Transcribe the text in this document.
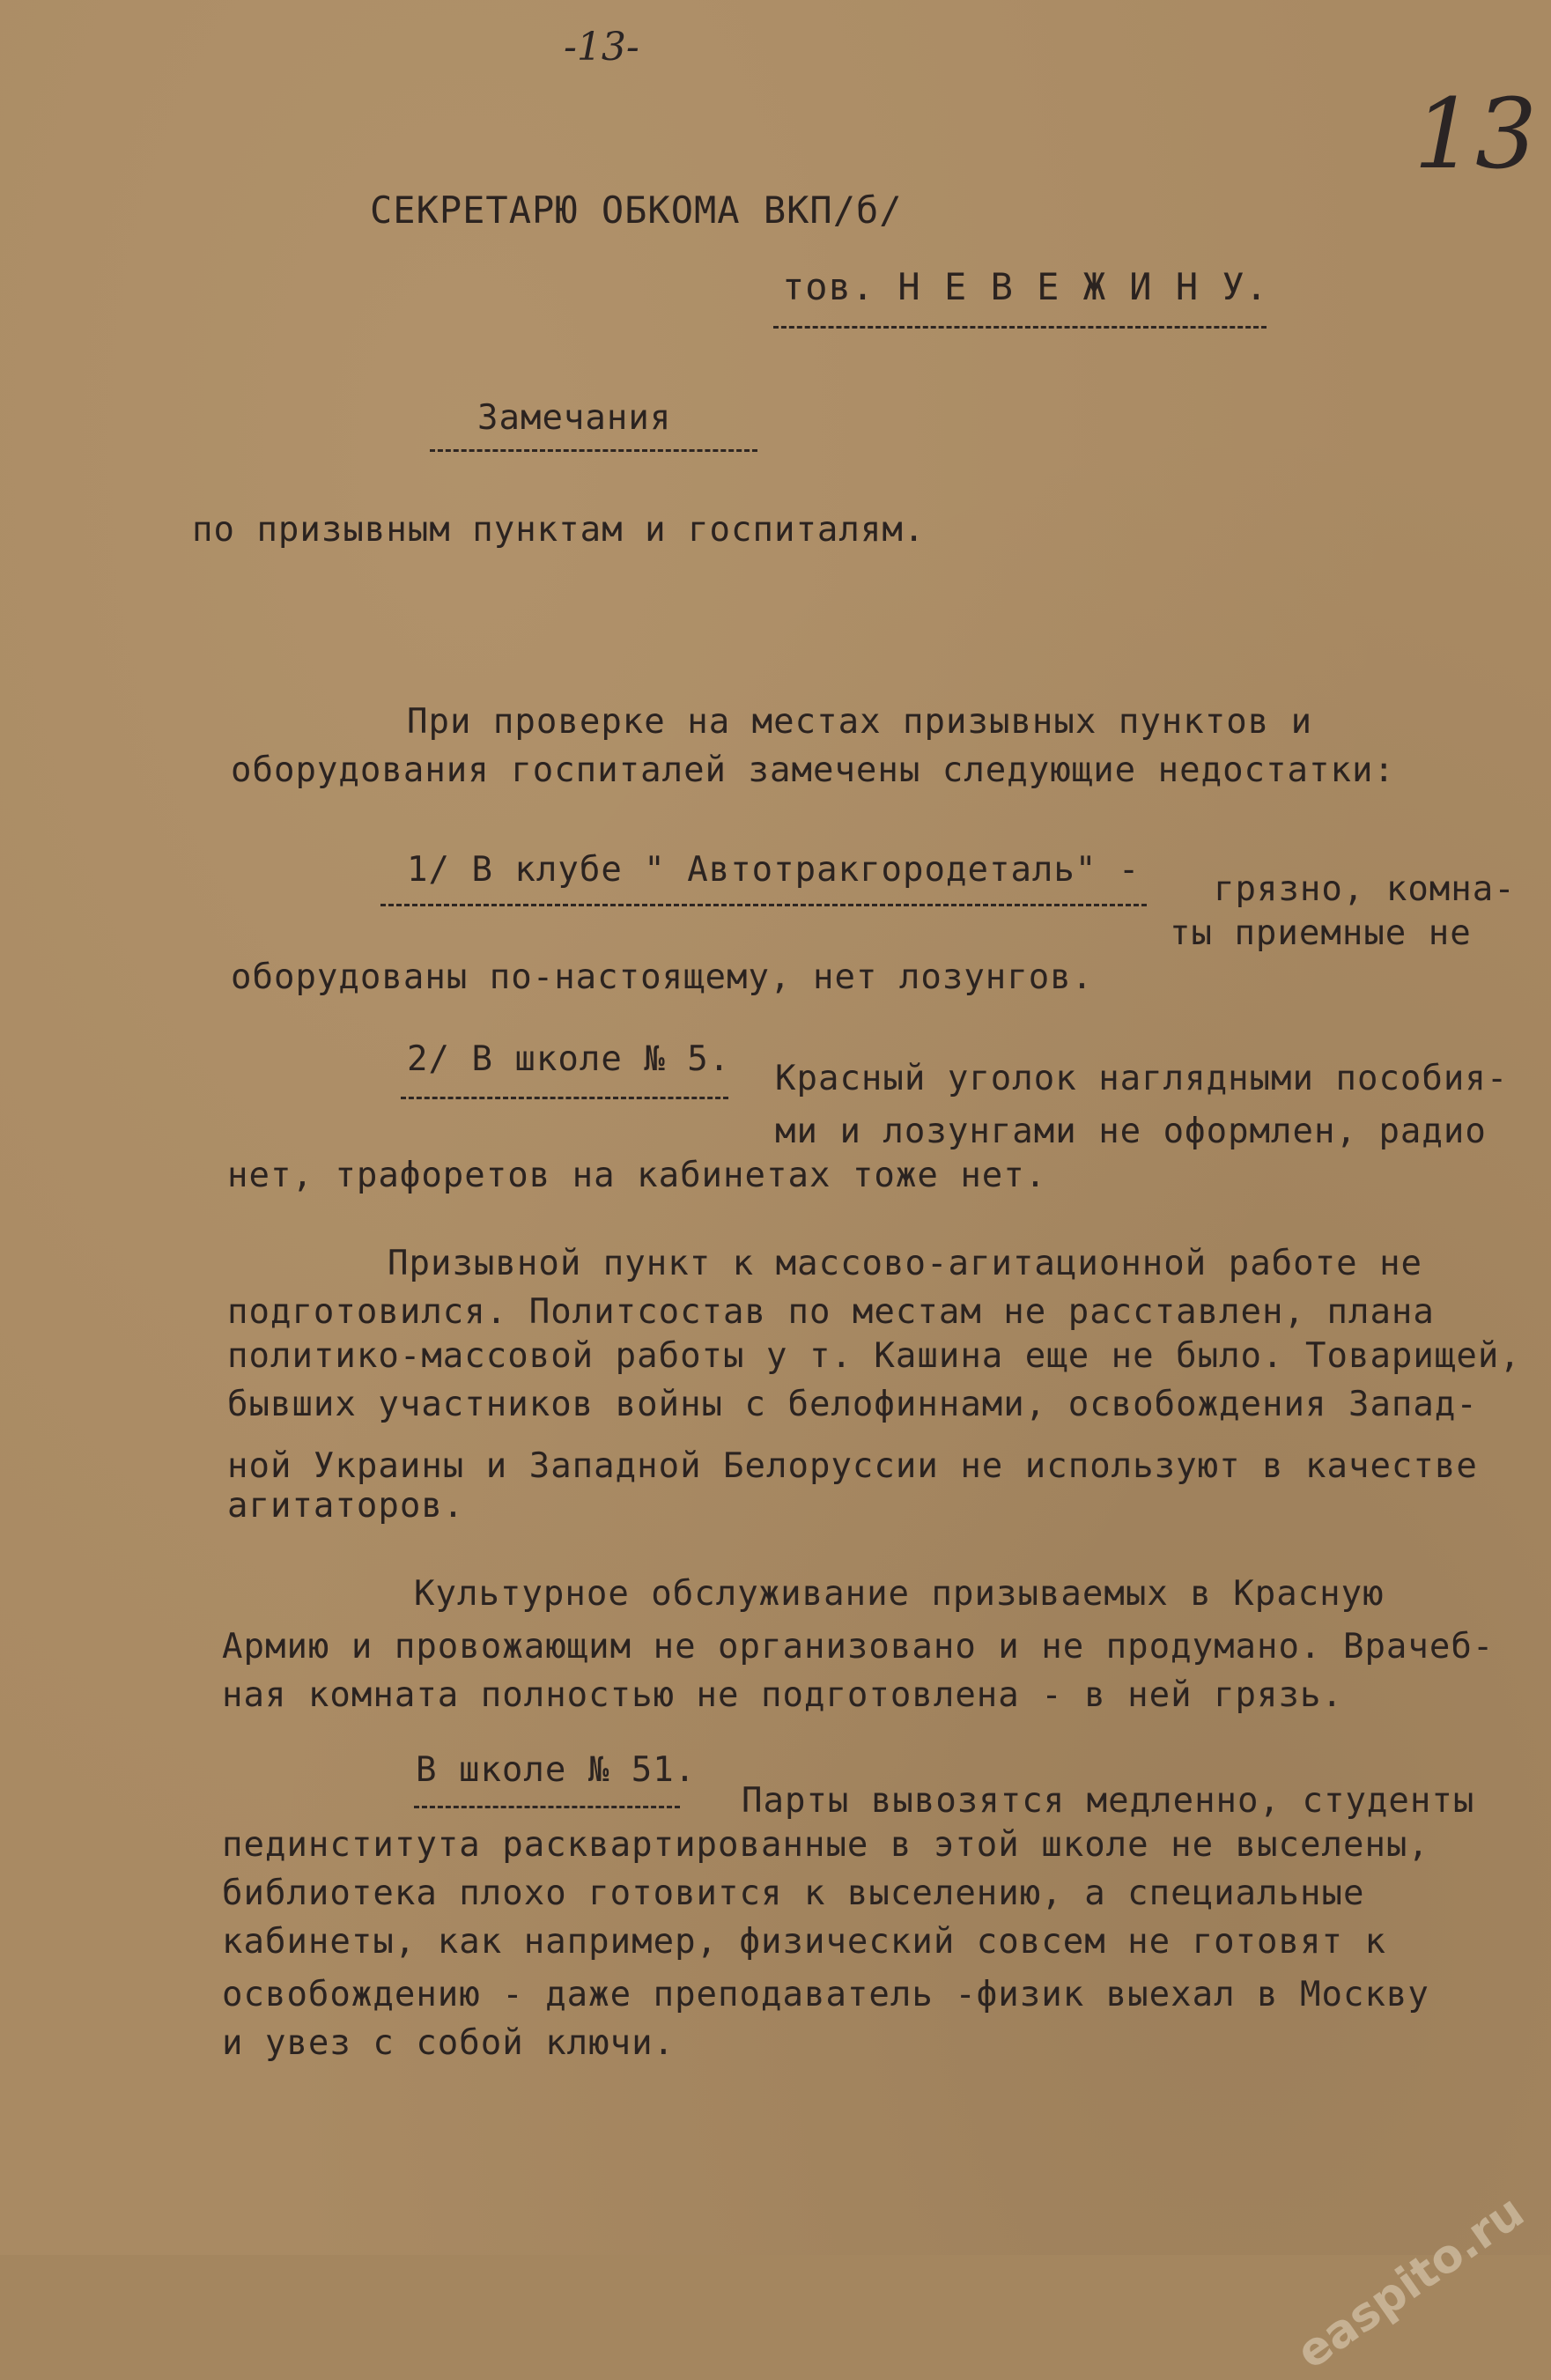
-13-
13
СЕКРЕТАРЮ ОБКОМА ВКП/б/
тов. Н Е В Е Ж И Н У.
Замечания
по призывным пунктам и госпиталям.
При проверке на местах призывных пунктов и
оборудования госпиталей замечены следующие недостатки:
1/ В клубе " Автотракгородеталь" - грязно, комна-
ты приемные не
оборудованы по-настоящему, нет лозунгов.
2/ В школе № 5. Красный уголок наглядными пособия-
ми и лозунгами не оформлен, радио
нет, трафоретов на кабинетах тоже нет.
Призывной пункт к массово-агитационной работе не
подготовился. Политсостав по местам не расставлен, плана
политико-массовой работы у т. Кашина еще не было. Товарищей,
бывших участников войны с белофиннами, освобождения Запад-
ной Украины и Западной Белоруссии не используют в качестве
агитаторов.
Культурное обслуживание призываемых в Красную
Армию и провожающим не организовано и не продумано. Врачеб-
ная комната полностью не подготовлена - в ней грязь.
В школе № 51.
Парты вывозятся медленно, студенты
пединститута расквартированные в этой школе не выселены,
библиотека плохо готовится к выселению, а специальные
кабинеты, как например, физический совсем не готовят к
освобождению - даже преподаватель -физик выехал в Москву
и увез с собой ключи.
easpito.ru
